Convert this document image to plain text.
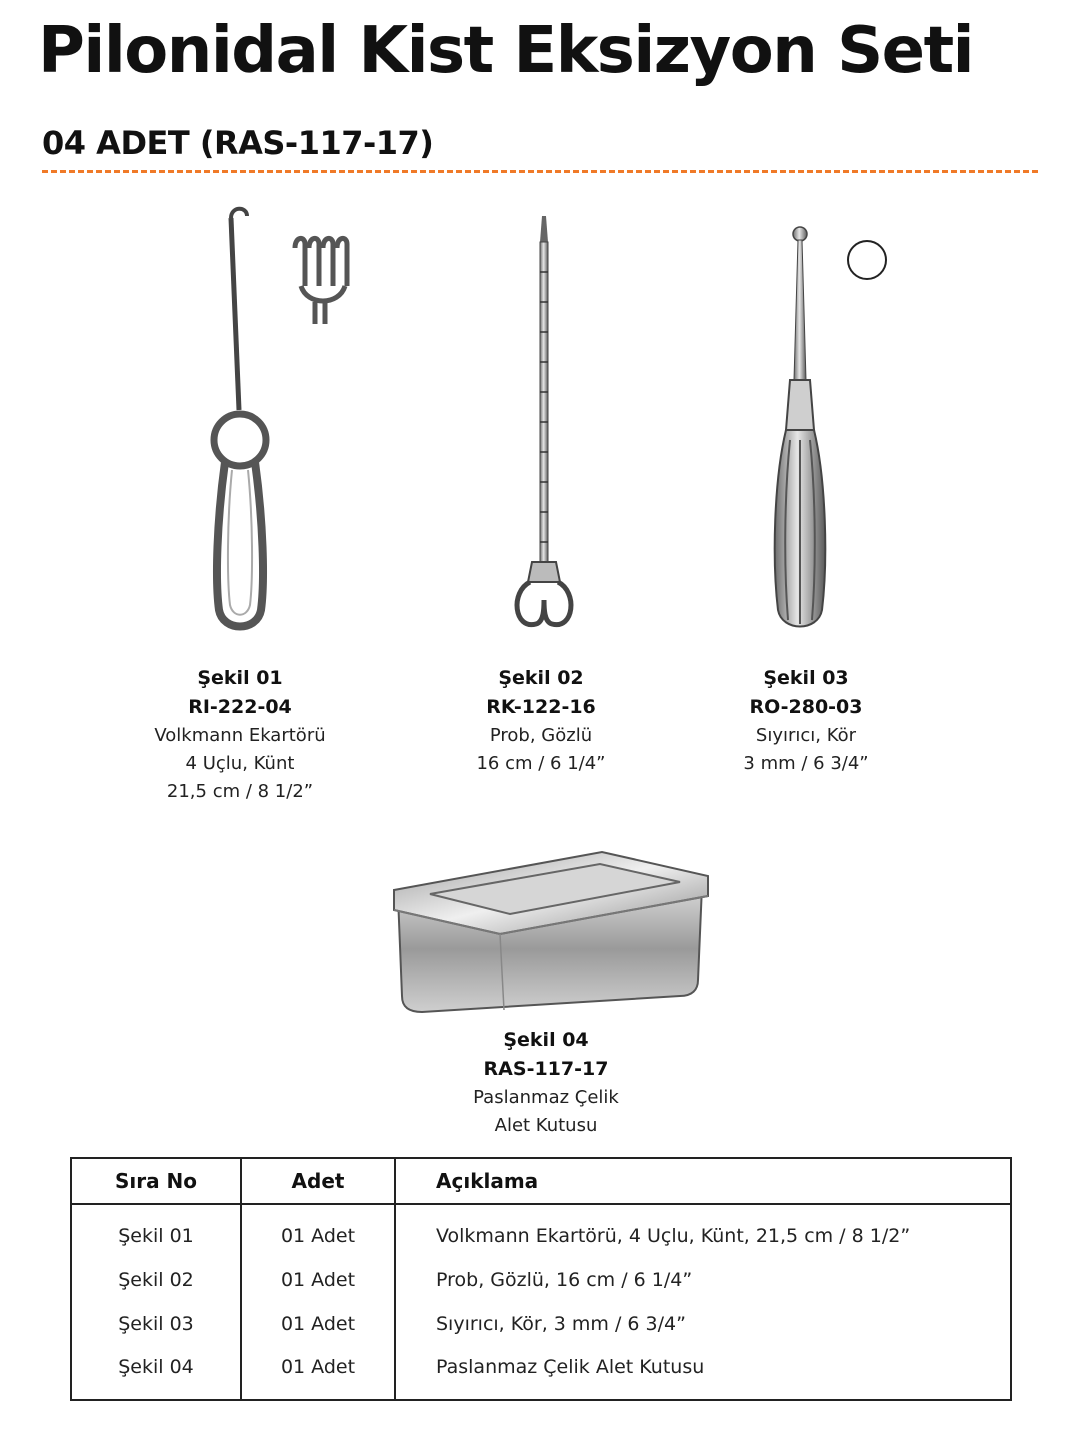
Pilonidal Kist Eksizyon Seti
04 ADET (RAS-117-17)
Şekil 01
RI-222-04
Volkmann Ekartörü
4 Uçlu, Künt
21,5 cm / 8 1/2”
Şekil 02
RK-122-16
Prob, Gözlü
16 cm / 6 1/4”
Şekil 03
RO-280-03
Sıyırıcı, Kör
3 mm / 6 3/4”
Şekil 04
RAS-117-17
Paslanmaz Çelik
Alet Kutusu
Sıra No	Adet	Açıklama
Şekil 01	01 Adet	Volkmann Ekartörü, 4 Uçlu, Künt, 21,5 cm / 8 1/2”
Şekil 02	01 Adet	Prob, Gözlü, 16 cm / 6 1/4”
Şekil 03	01 Adet	Sıyırıcı, Kör, 3 mm / 6 3/4”
Şekil 04	01 Adet	Paslanmaz Çelik Alet Kutusu
